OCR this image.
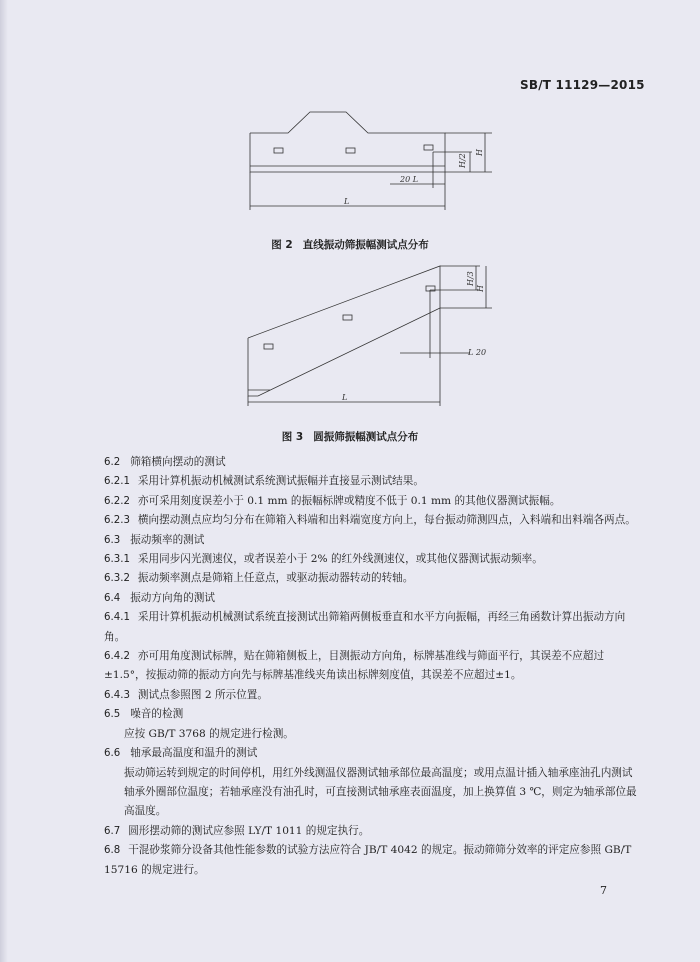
SB/T 11129—2015
H/2
H
20 L
L
图 2 直线振动筛振幅测试点分布
H/3
H
L 20
L
图 3 圆振筛振幅测试点分布
6.2 筛箱横向摆动的测试
6.2.1 采用计算机振动机械测试系统测试振幅并直接显示测试结果。
6.2.2 亦可采用刻度误差小于 0.1 mm 的振幅标牌或精度不低于 0.1 mm 的其他仪器测试振幅。
6.2.3 横向摆动测点应均匀分布在筛箱入料端和出料端宽度方向上，每台振动筛测四点，入料端和出料端各两点。
6.3 振动频率的测试
6.3.1 采用同步闪光测速仪，或者误差小于 2% 的红外线测速仪，或其他仪器测试振动频率。
6.3.2 振动频率测点是筛箱上任意点，或驱动振动器转动的转轴。
6.4 振动方向角的测试
6.4.1 采用计算机振动机械测试系统直接测试出筛箱两侧板垂直和水平方向振幅，再经三角函数计算出振动方向角。
6.4.2 亦可用角度测试标牌，贴在筛箱侧板上，目测振动方向角，标牌基准线与筛面平行，其误差不应超过±1.5°，按振动筛的振动方向先与标牌基准线夹角读出标牌刻度值，其误差不应超过±1。
6.4.3 测试点参照图 2 所示位置。
6.5 噪音的检测
应按 GB/T 3768 的规定进行检测。
6.6 轴承最高温度和温升的测试
振动筛运转到规定的时间停机，用红外线测温仪器测试轴承部位最高温度；或用点温计插入轴承座油孔内测试轴承外圈部位温度；若轴承座没有油孔时，可直接测试轴承座表面温度，加上换算值 3 ℃，则定为轴承部位最高温度。
6.7 圆形摆动筛的测试应参照 LY/T 1011 的规定执行。
6.8 干混砂浆筛分设备其他性能参数的试验方法应符合 JB/T 4042 的规定。振动筛筛分效率的评定应参照 GB/T 15716 的规定进行。
7
